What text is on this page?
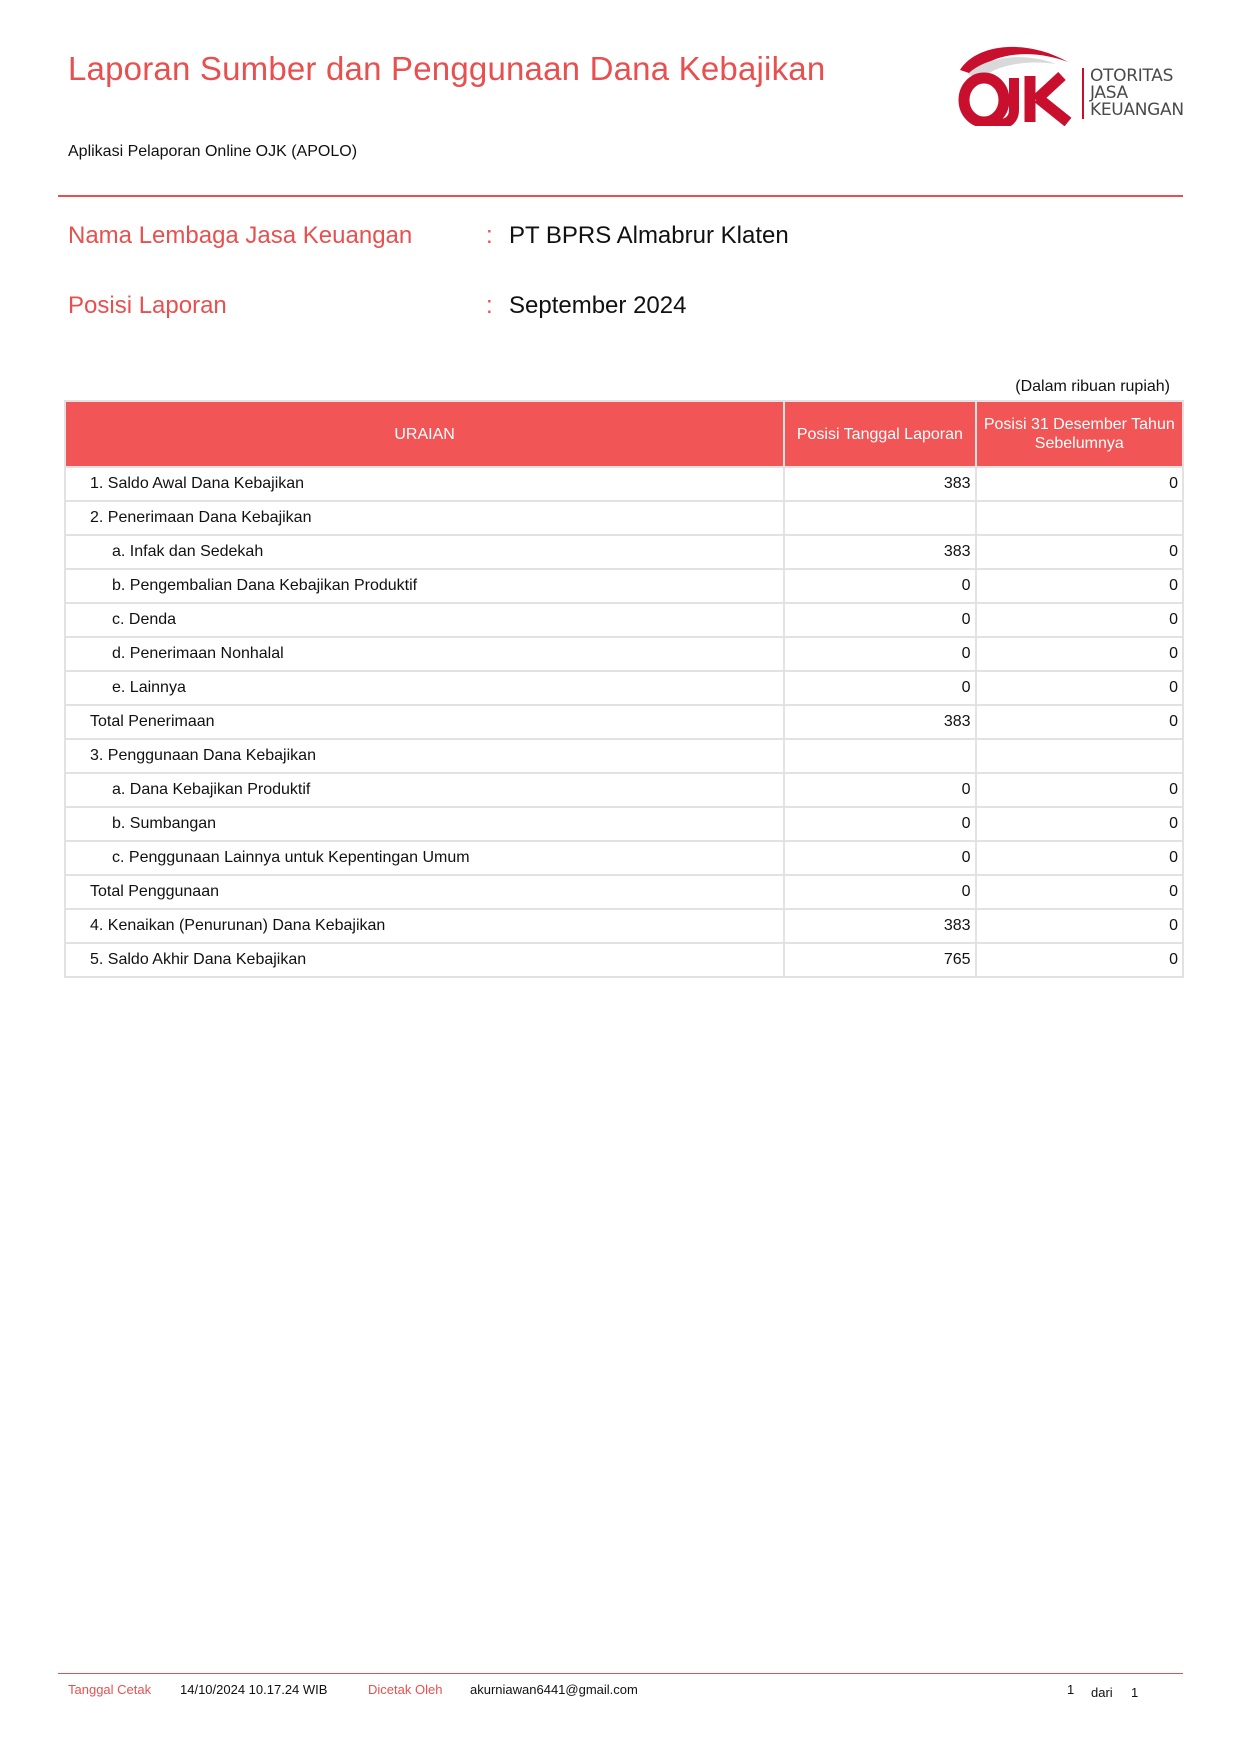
Laporan Sumber dan Penggunaan Dana Kebajikan
Aplikasi Pelaporan Online OJK (APOLO)
OTORITAS
JASA
KEUANGAN
Nama Lembaga Jasa Keuangan	: PT BPRS Almabrur Klaten
Posisi Laporan	: September 2024
(Dalam ribuan rupiah)
URAIAN	Posisi Tanggal Laporan	Posisi 31 Desember Tahun Sebelumnya
1. Saldo Awal Dana Kebajikan	383	0
2. Penerimaan Dana Kebajikan		
a. Infak dan Sedekah	383	0
b. Pengembalian Dana Kebajikan Produktif	0	0
c. Denda	0	0
d. Penerimaan Nonhalal	0	0
e. Lainnya	0	0
Total Penerimaan	383	0
3. Penggunaan Dana Kebajikan		
a. Dana Kebajikan Produktif	0	0
b. Sumbangan	0	0
c. Penggunaan Lainnya untuk Kepentingan Umum	0	0
Total Penggunaan	0	0
4. Kenaikan (Penurunan) Dana Kebajikan	383	0
5. Saldo Akhir Dana Kebajikan	765	0
Tanggal Cetak 14/10/2024 10.17.24 WIB	Dicetak Oleh akurniawan6441@gmail.com	1 dari 1
